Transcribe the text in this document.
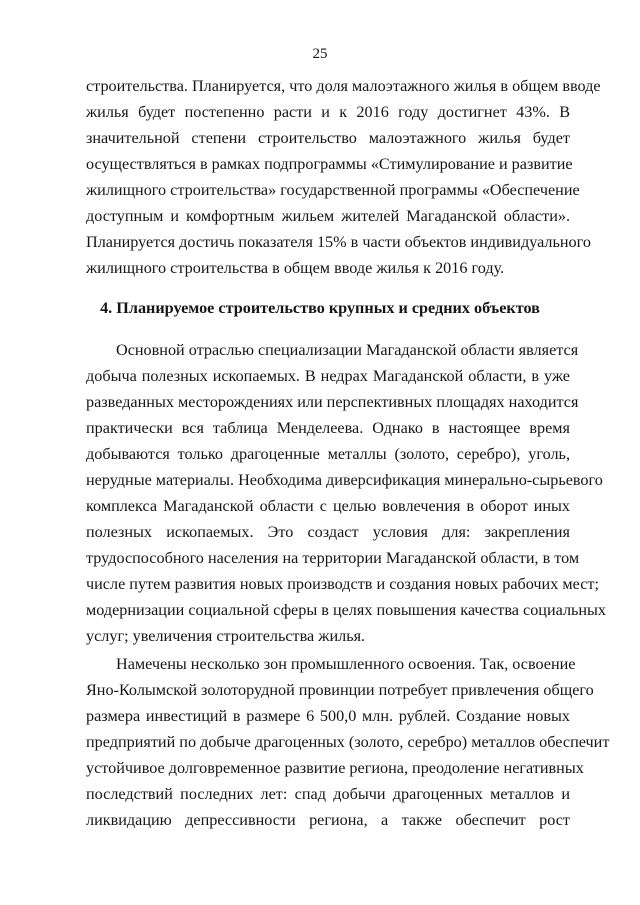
25
строительства. Планируется, что доля малоэтажного жилья в общем вводе
жилья будет постепенно расти и к 2016 году достигнет 43%. В
значительной степени строительство малоэтажного жилья будет
осуществляться в рамках подпрограммы «Стимулирование и развитие
жилищного строительства» государственной программы «Обеспечение
доступным и комфортным жильем жителей Магаданской области».
Планируется достичь показателя 15% в части объектов индивидуального
жилищного строительства в общем вводе жилья к 2016 году.
4. Планируемое строительство крупных и средних объектов
Основной отраслью специализации Магаданской области является
добыча полезных ископаемых. В недрах Магаданской области, в уже
разведанных месторождениях или перспективных площадях находится
практически вся таблица Менделеева. Однако в настоящее время
добываются только драгоценные металлы (золото, серебро), уголь,
нерудные материалы. Необходима диверсификация минерально-сырьевого
комплекса Магаданской области с целью вовлечения в оборот иных
полезных ископаемых. Это создаст условия для: закрепления
трудоспособного населения на территории Магаданской области, в том
числе путем развития новых производств и создания новых рабочих мест;
модернизации социальной сферы в целях повышения качества социальных
услуг; увеличения строительства жилья.
Намечены несколько зон промышленного освоения. Так, освоение
Яно-Колымской золоторудной провинции потребует привлечения общего
размера инвестиций в размере 6 500,0 млн. рублей. Создание новых
предприятий по добыче драгоценных (золото, серебро) металлов обеспечит
устойчивое долговременное развитие региона, преодоление негативных
последствий последних лет: спад добычи драгоценных металлов и
ликвидацию депрессивности региона, а также обеспечит рост
